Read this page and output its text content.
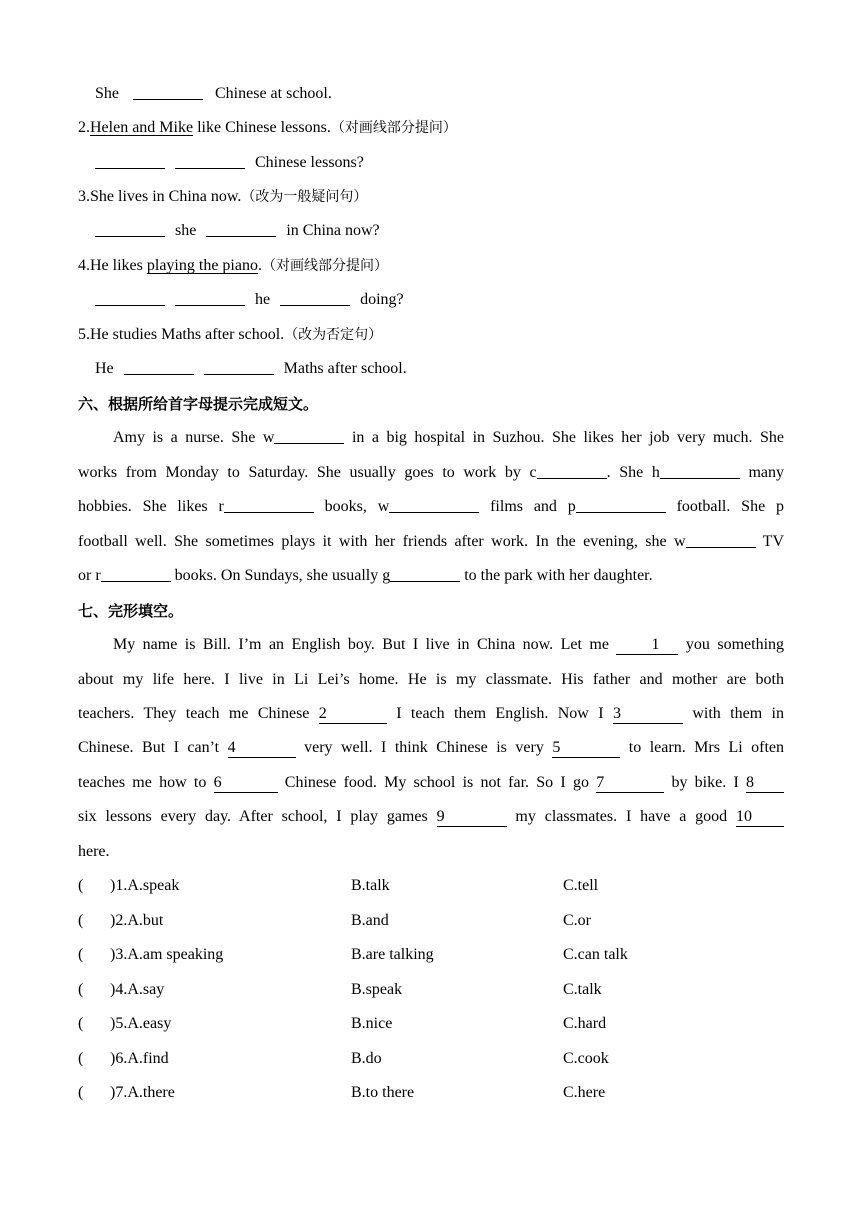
She	Chinese at school.
2.Helen and Mike like Chinese lessons.（对画线部分提问）
Chinese lessons?
3.She lives in China now.（改为一般疑问句）
she	in China now?
4.He likes playing the piano.（对画线部分提问）
he	doing?
5.He studies Maths after school.（改为否定句）
He	Maths after school.
六、根据所给首字母提示完成短文。
Amy is a nurse. She w	in a big hospital in Suzhou. She likes her job very much. She
works from Monday to Saturday. She usually goes to work by c	. She h	many
hobbies. She likes r	books, w	films and p	football. She p
football well. She sometimes plays it with her friends after work. In the evening, she w	TV
or r	books. On Sundays, she usually g	to the park with her daughter.
七、完形填空。
My name is Bill. I’m an English boy. But I live in China now. Let me	1 you something
about my life here. I live in Li Lei’s home. He is my classmate. His father and mother are both
teachers. They teach me Chinese 2	I teach them English. Now I 3	with them in
Chinese. But I can’t 4	very well. I think Chinese is very 5	to learn. Mrs Li often
teaches me how to 6	Chinese food. My school is not far. So I go 7	by bike. I 8
six lessons every day. After school, I play games 9	my classmates. I have a good 10
here.
( )1.A.speak	B.talk	C.tell
( )2.A.but	B.and	C.or
( )3.A.am speaking	B.are talking	C.can talk
( )4.A.say	B.speak	C.talk
( )5.A.easy	B.nice	C.hard
( )6.A.find	B.do	C.cook
( )7.A.there	B.to there	C.here
